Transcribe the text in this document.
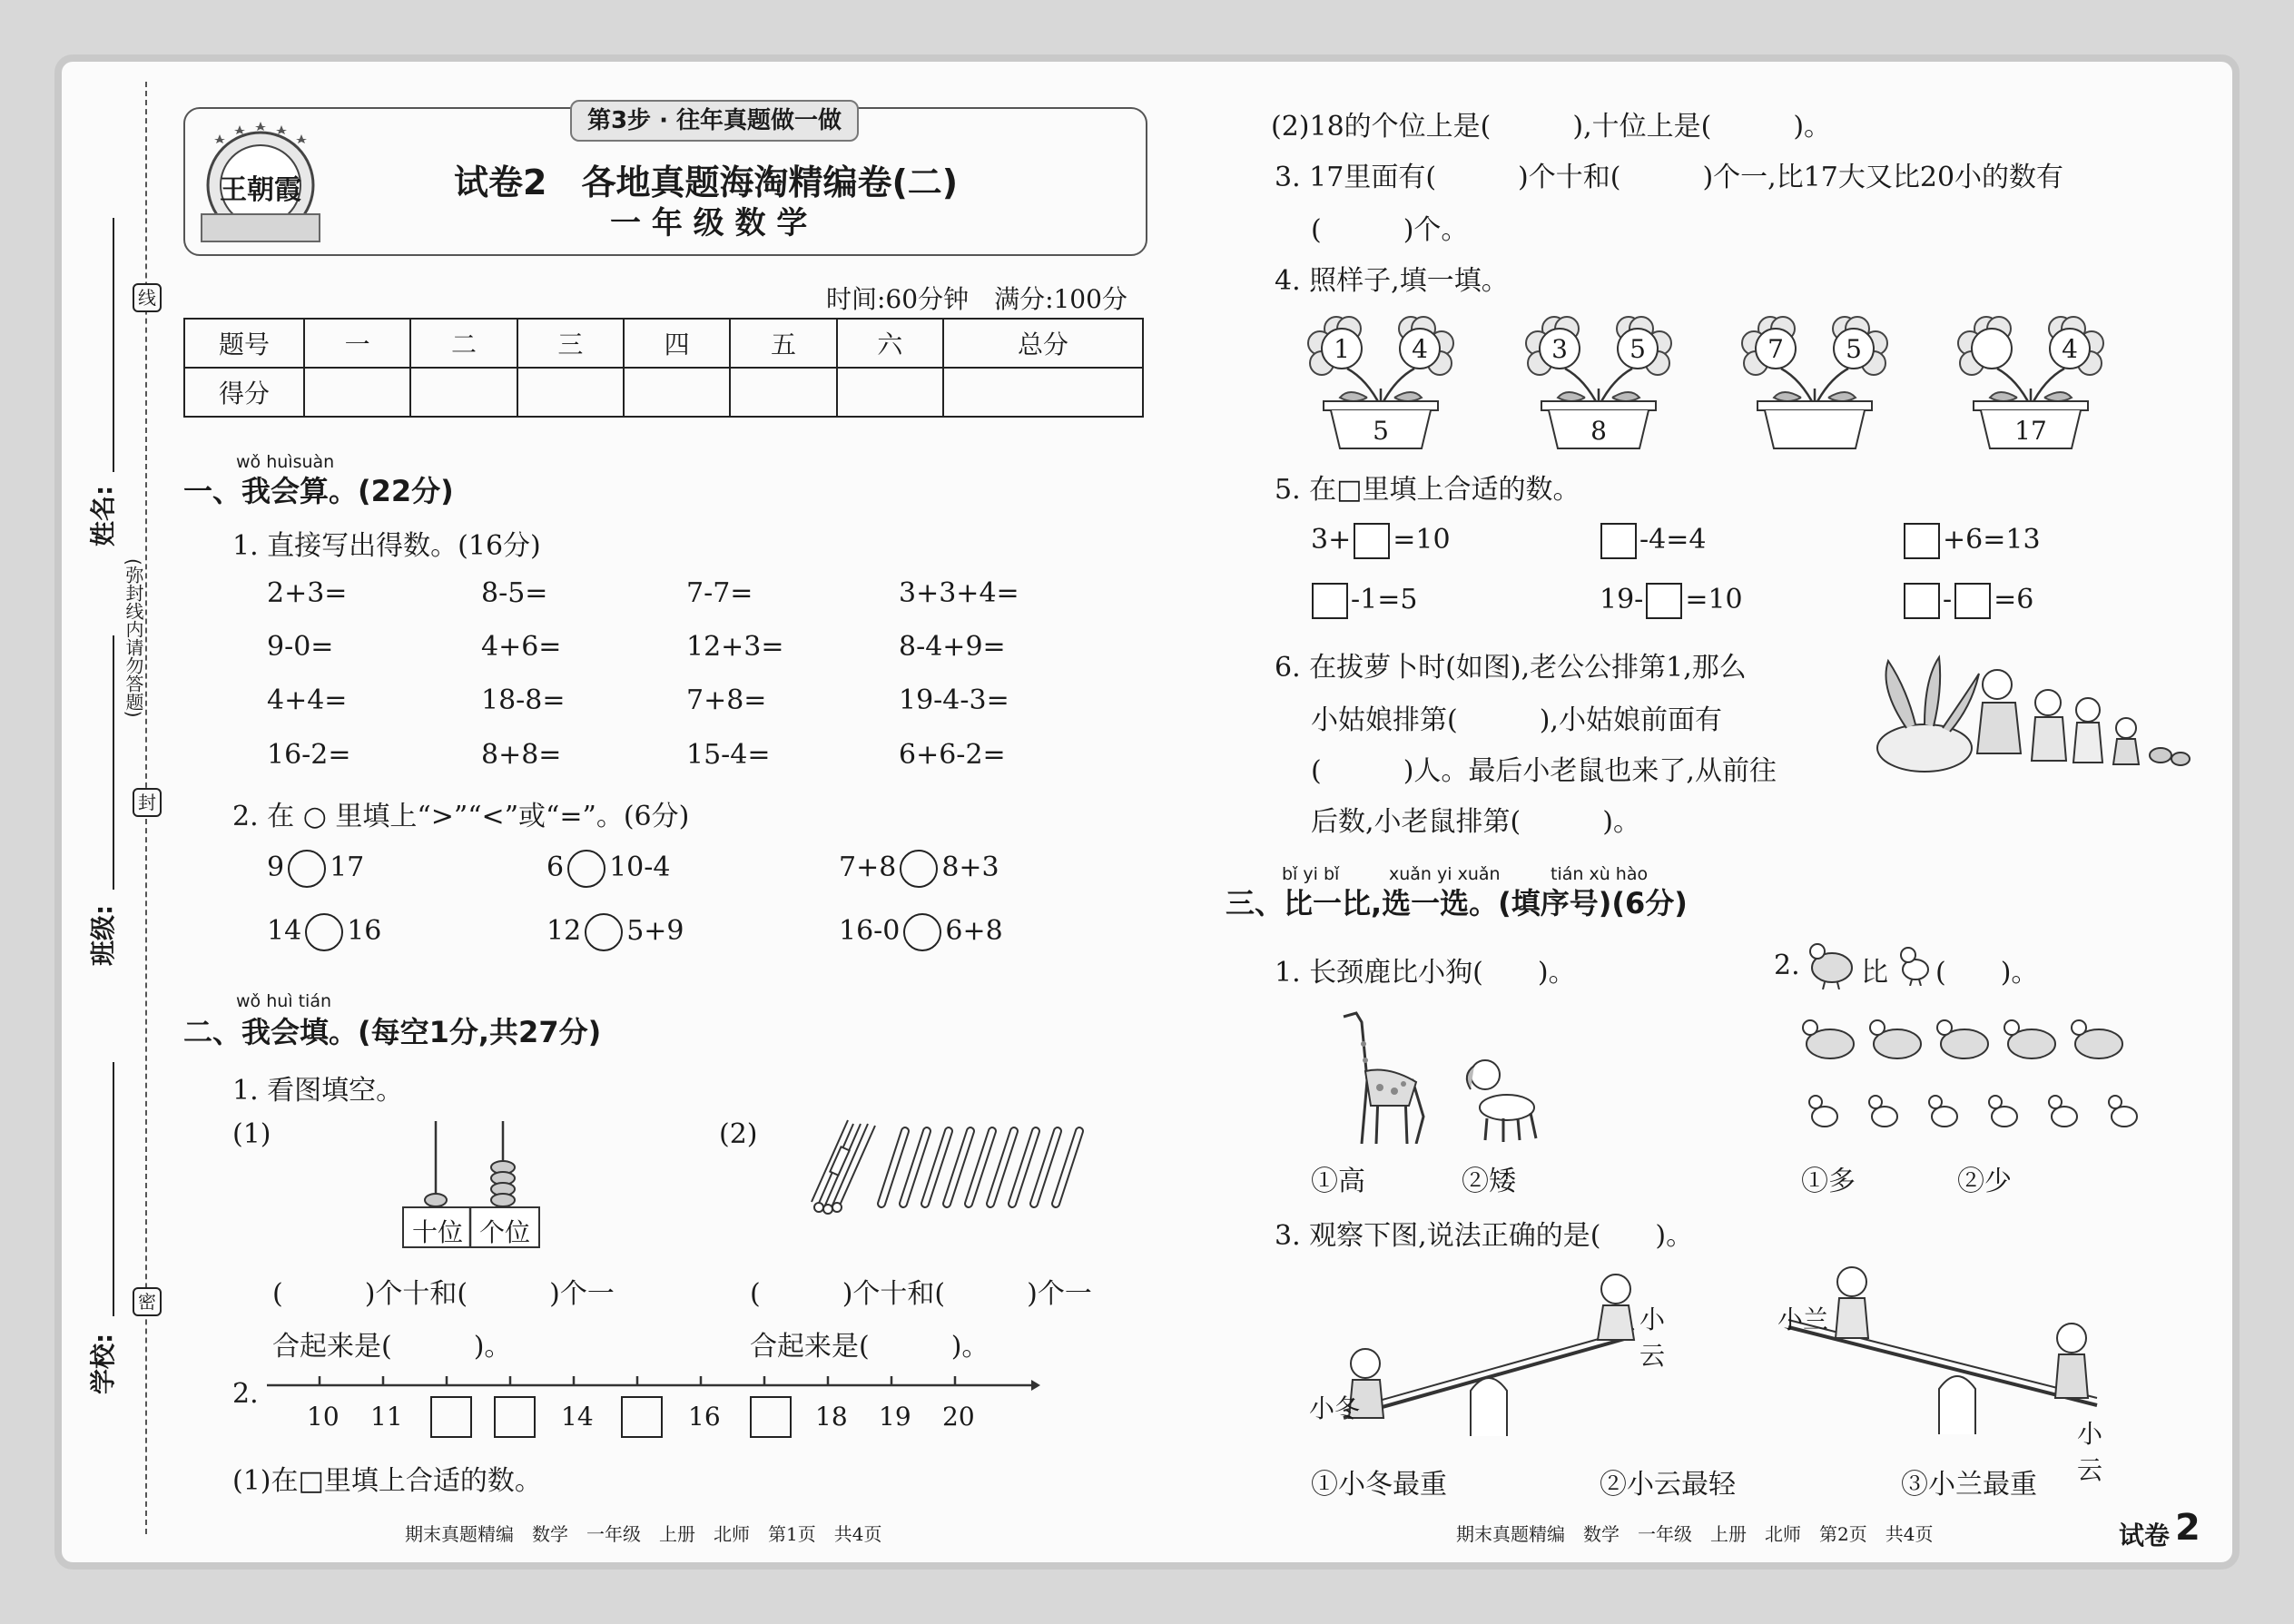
线
封
密
(弥封线内请勿答题)
姓名:
班级:
学校:
第3步 · 往年真题做一做
王朝霞	试卷2　各地真题海淘精编卷(二)
一 年 级 数 学
时间:60分钟　满分:100分
题号	一	二	三	四	五	六	总分
得分							
wǒ huìsuàn
一、我会算。(22分)
1. 直接写出得数。(16分)
2+3=	8-5=	7-7=	3+3+4=
9-0=	4+6=	12+3=	8-4+9=
4+4=	18-8=	7+8=	19-4-3=
16-2=	8+8=	15-4=	6+6-2=
2. 在 ○ 里填上“>”“<”或“=”。(6分)
9 17	6 10-4	7+8 8+3
14 16	12 5+9	16-0 6+8
wǒ huì tián
二、我会填。(每空1分,共27分)
1. 看图填空。
(1)
十位 个位
(2)
(　　　)个十和(　　　)个一	(　　　)个十和(　　　)个一
合起来是(　　　)。	合起来是(　　　)。
2.
10 11	14	16	18 19 20
(1)在□里填上合适的数。
期末真题精编　数学　一年级　上册　北师　第1页　共4页
(2)18的个位上是(　　　),十位上是(　　　)。
3. 17里面有(　　　)个十和(　　　)个一,比17大又比20小的数有
(　　　)个。
4. 照样子,填一填。
1 4
5
3 5
8
7 5	4
17
5. 在□里填上合适的数。
3+ =10	-4=4	+6=13
-1=5	19- =10	- =6
6. 在拔萝卜时(如图),老公公排第1,那么
小姑娘排第(　　　),小姑娘前面有
(　　　)人。最后小老鼠也来了,从前往
后数,小老鼠排第(　　　)。
bǐ yi bǐ	xuǎn yi xuǎn	tián xù hào
三、比一比,选一选。(填序号)(6分)
1. 长颈鹿比小狗(　　)。
①高	②矮
2. 比 (　　)。
①多	②少
3. 观察下图,说法正确的是(　　)。
小冬
小云
小兰
小云
①小冬最重	②小云最轻	③小兰最重
期末真题精编　数学　一年级　上册　北师　第2页　共4页	试卷 2
